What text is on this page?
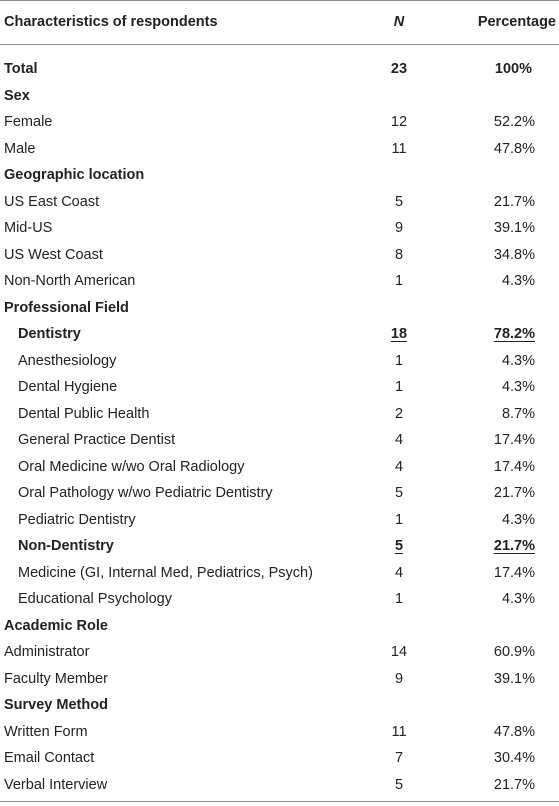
Characteristics of respondents	N	Percentage
Total	23	100%
Sex
Female	12	52.2%
Male	11	47.8%
Geographic location
US East Coast	5	21.7%
Mid-US	9	39.1%
US West Coast	8	34.8%
Non-North American	1	4.3%
Professional Field
Dentistry	18	78.2%
Anesthesiology	1	4.3%
Dental Hygiene	1	4.3%
Dental Public Health	2	8.7%
General Practice Dentist	4	17.4%
Oral Medicine w/wo Oral Radiology	4	17.4%
Oral Pathology w/wo Pediatric Dentistry	5	21.7%
Pediatric Dentistry	1	4.3%
Non-Dentistry	5	21.7%
Medicine (GI, Internal Med, Pediatrics, Psych)	4	17.4%
Educational Psychology	1	4.3%
Academic Role
Administrator	14	60.9%
Faculty Member	9	39.1%
Survey Method
Written Form	11	47.8%
Email Contact	7	30.4%
Verbal Interview	5	21.7%
